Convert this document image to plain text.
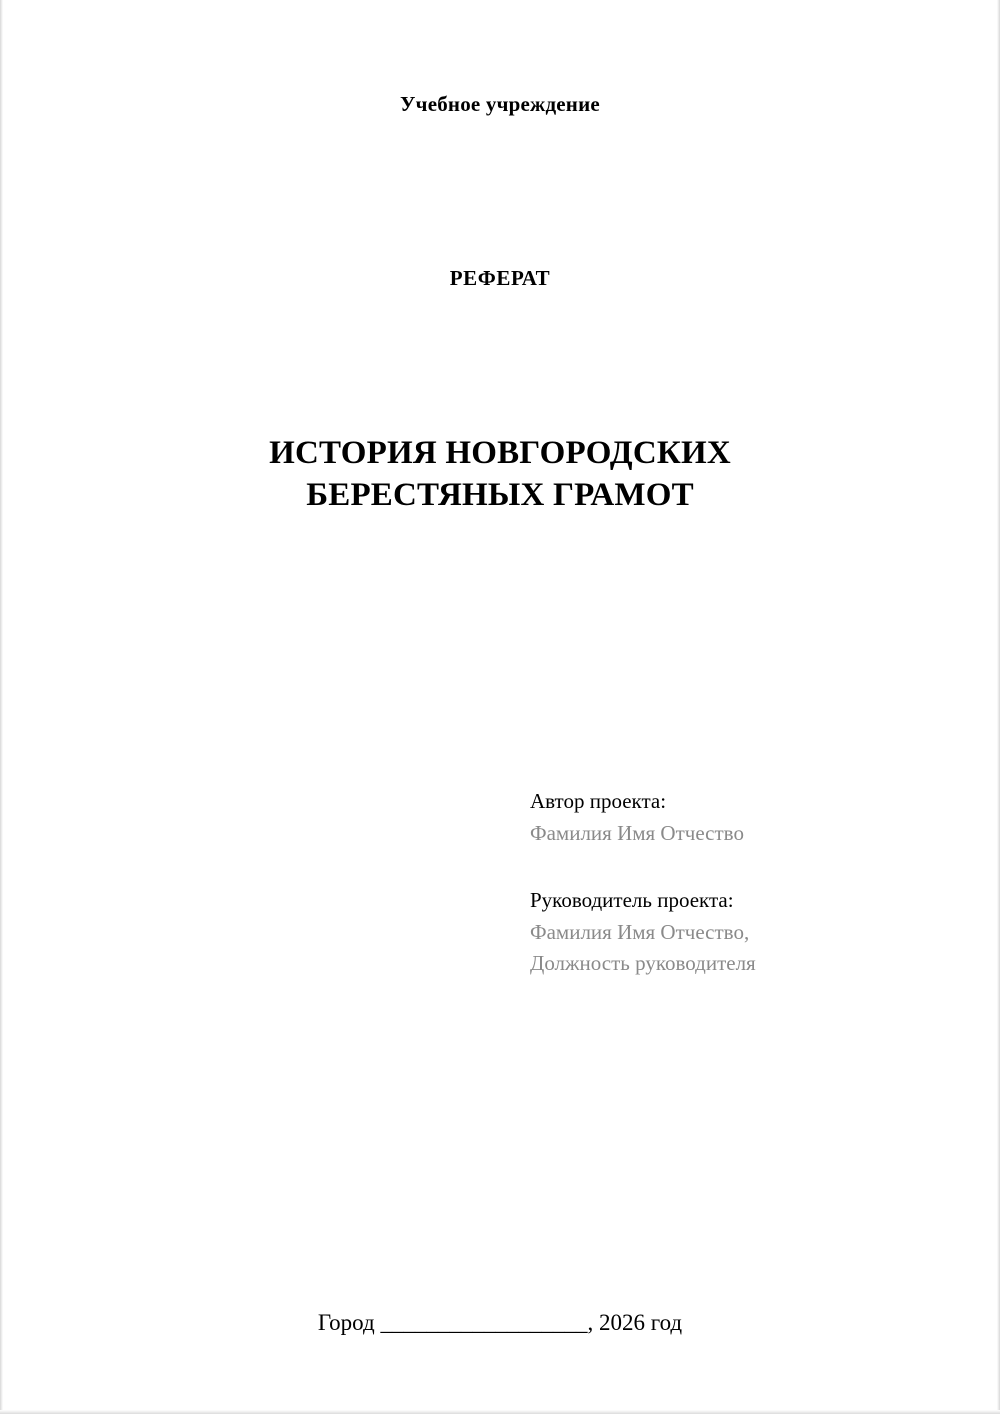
Учебное учреждение
РЕФЕРАТ
ИСТОРИЯ НОВГОРОДСКИХ
БЕРЕСТЯНЫХ ГРАМОТ
Автор проекта:
Фамилия Имя Отчество
Руководитель проекта:
Фамилия Имя Отчество,
Должность руководителя
Город __________________, 2026 год
